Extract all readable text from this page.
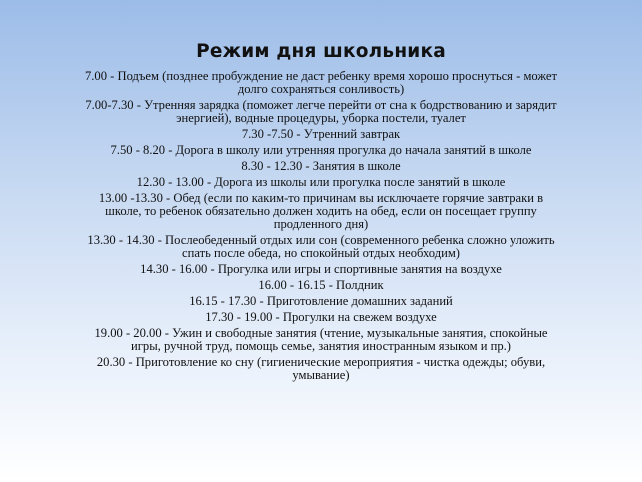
Режим дня школьника

7.00 - Подъем (позднее пробуждение не даст ребенку время хорошо проснуться - может долго сохраняться сонливость)

7.00-7.30 - Утренняя зарядка (поможет легче перейти от сна к бодрствованию и зарядит энергией), водные процедуры, уборка постели, туалет

7.30 -7.50 - Утренний завтрак

7.50 - 8.20 - Дорога в школу или утренняя прогулка до начала занятий в школе

8.30 - 12.30 - Занятия в школе

12.30 - 13.00 - Дорога из школы или прогулка после занятий в школе

13.00 -13.30 - Обед (если по каким-то причинам вы исключаете горячие завтраки в школе, то ребенок обязательно должен ходить на обед, если он посещает группу продленного дня)

13.30 - 14.30 - Послеобеденный отдых или сон (современного ребенка сложно уложить спать после обеда, но спокойный отдых необходим)

14.30 - 16.00 - Прогулка или игры и спортивные занятия на воздухе

16.00 - 16.15 - Полдник

16.15 - 17.30 - Приготовление домашних заданий

17.30 - 19.00 - Прогулки на свежем воздухе

19.00 - 20.00 - Ужин и свободные занятия (чтение, музыкальные занятия, спокойные игры, ручной труд, помощь семье, занятия иностранным языком и пр.)

20.30 - Приготовление ко сну (гигиенические мероприятия - чистка одежды; обуви, умывание)
